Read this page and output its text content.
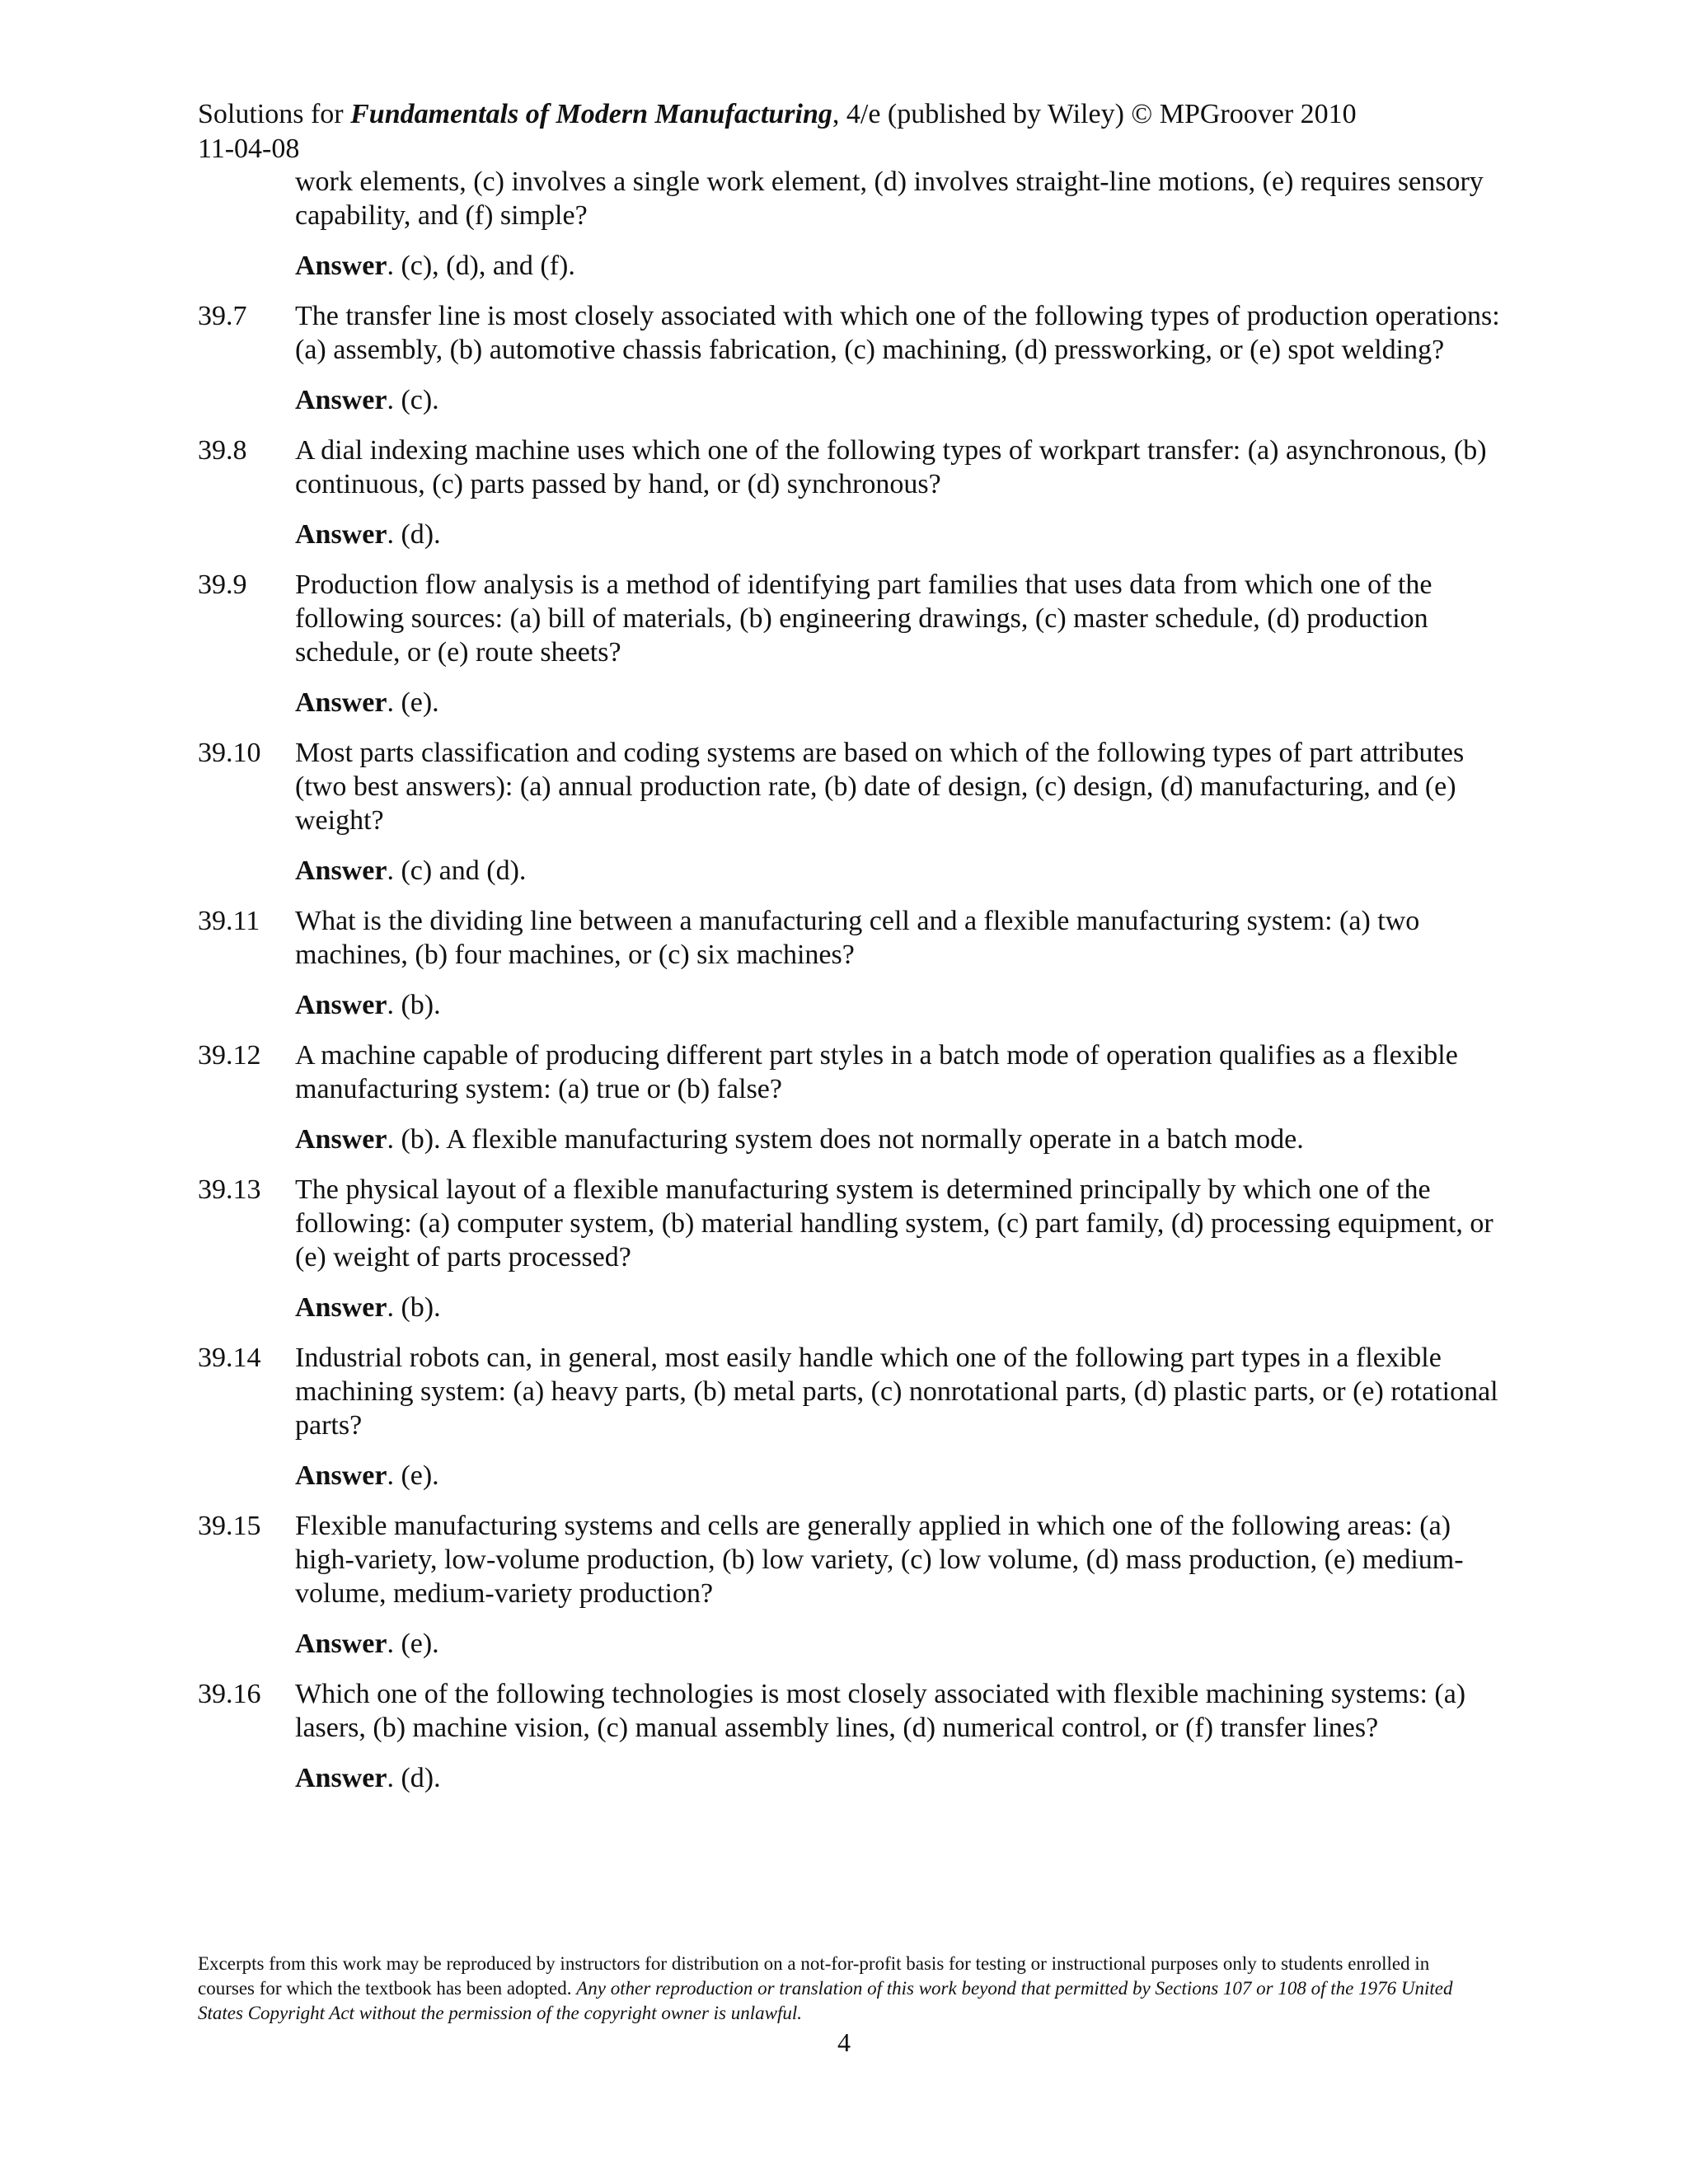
Solutions for Fundamentals of Modern Manufacturing, 4/e (published by Wiley) © MPGroover 2010
11-04-08
work elements, (c) involves a single work element, (d) involves straight-line motions, (e) requires sensory capability, and (f) simple?
Answer. (c), (d), and (f).
39.7	The transfer line is most closely associated with which one of the following types of production operations: (a) assembly, (b) automotive chassis fabrication, (c) machining, (d) pressworking, or (e) spot welding?
Answer. (c).
39.8	A dial indexing machine uses which one of the following types of workpart transfer: (a) asynchronous, (b) continuous, (c) parts passed by hand, or (d) synchronous?
Answer. (d).
39.9	Production flow analysis is a method of identifying part families that uses data from which one of the following sources: (a) bill of materials, (b) engineering drawings, (c) master schedule, (d) production schedule, or (e) route sheets?
Answer. (e).
39.10	Most parts classification and coding systems are based on which of the following types of part attributes (two best answers): (a) annual production rate, (b) date of design, (c) design, (d) manufacturing, and (e) weight?
Answer. (c) and (d).
39.11	What is the dividing line between a manufacturing cell and a flexible manufacturing system: (a) two machines, (b) four machines, or (c) six machines?
Answer. (b).
39.12	A machine capable of producing different part styles in a batch mode of operation qualifies as a flexible manufacturing system: (a) true or (b) false?
Answer. (b). A flexible manufacturing system does not normally operate in a batch mode.
39.13	The physical layout of a flexible manufacturing system is determined principally by which one of the following: (a) computer system, (b) material handling system, (c) part family, (d) processing equipment, or (e) weight of parts processed?
Answer. (b).
39.14	Industrial robots can, in general, most easily handle which one of the following part types in a flexible machining system: (a) heavy parts, (b) metal parts, (c) nonrotational parts, (d) plastic parts, or (e) rotational parts?
Answer. (e).
39.15	Flexible manufacturing systems and cells are generally applied in which one of the following areas: (a) high-variety, low-volume production, (b) low variety, (c) low volume, (d) mass production, (e) medium-volume, medium-variety production?
Answer. (e).
39.16	Which one of the following technologies is most closely associated with flexible machining systems: (a) lasers, (b) machine vision, (c) manual assembly lines, (d) numerical control, or (f) transfer lines?
Answer. (d).
Excerpts from this work may be reproduced by instructors for distribution on a not-for-profit basis for testing or instructional purposes only to students enrolled in courses for which the textbook has been adopted. Any other reproduction or translation of this work beyond that permitted by Sections 107 or 108 of the 1976 United States Copyright Act without the permission of the copyright owner is unlawful.
4
